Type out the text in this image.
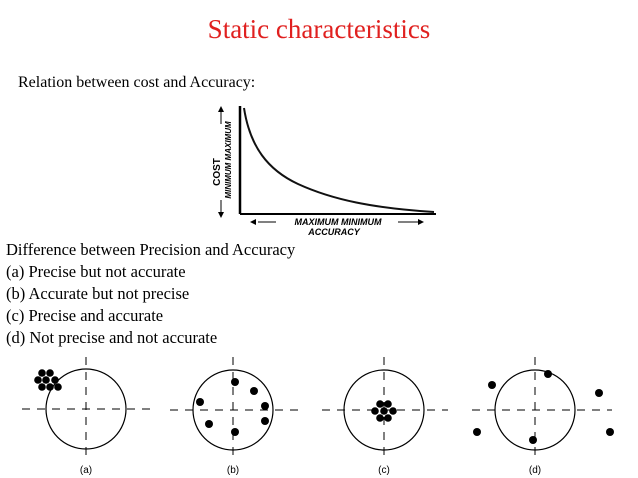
Static characteristics
Relation between cost and Accuracy:
COST MINIMUM MAXIMUM
MAXIMUM MINIMUM
ACCURACY
Difference between Precision and Accuracy
(a) Precise but not accurate
(b) Accurate but not precise
(c) Precise and accurate
(d) Not precise and not accurate
(a)	(b)	(c)	(d)
